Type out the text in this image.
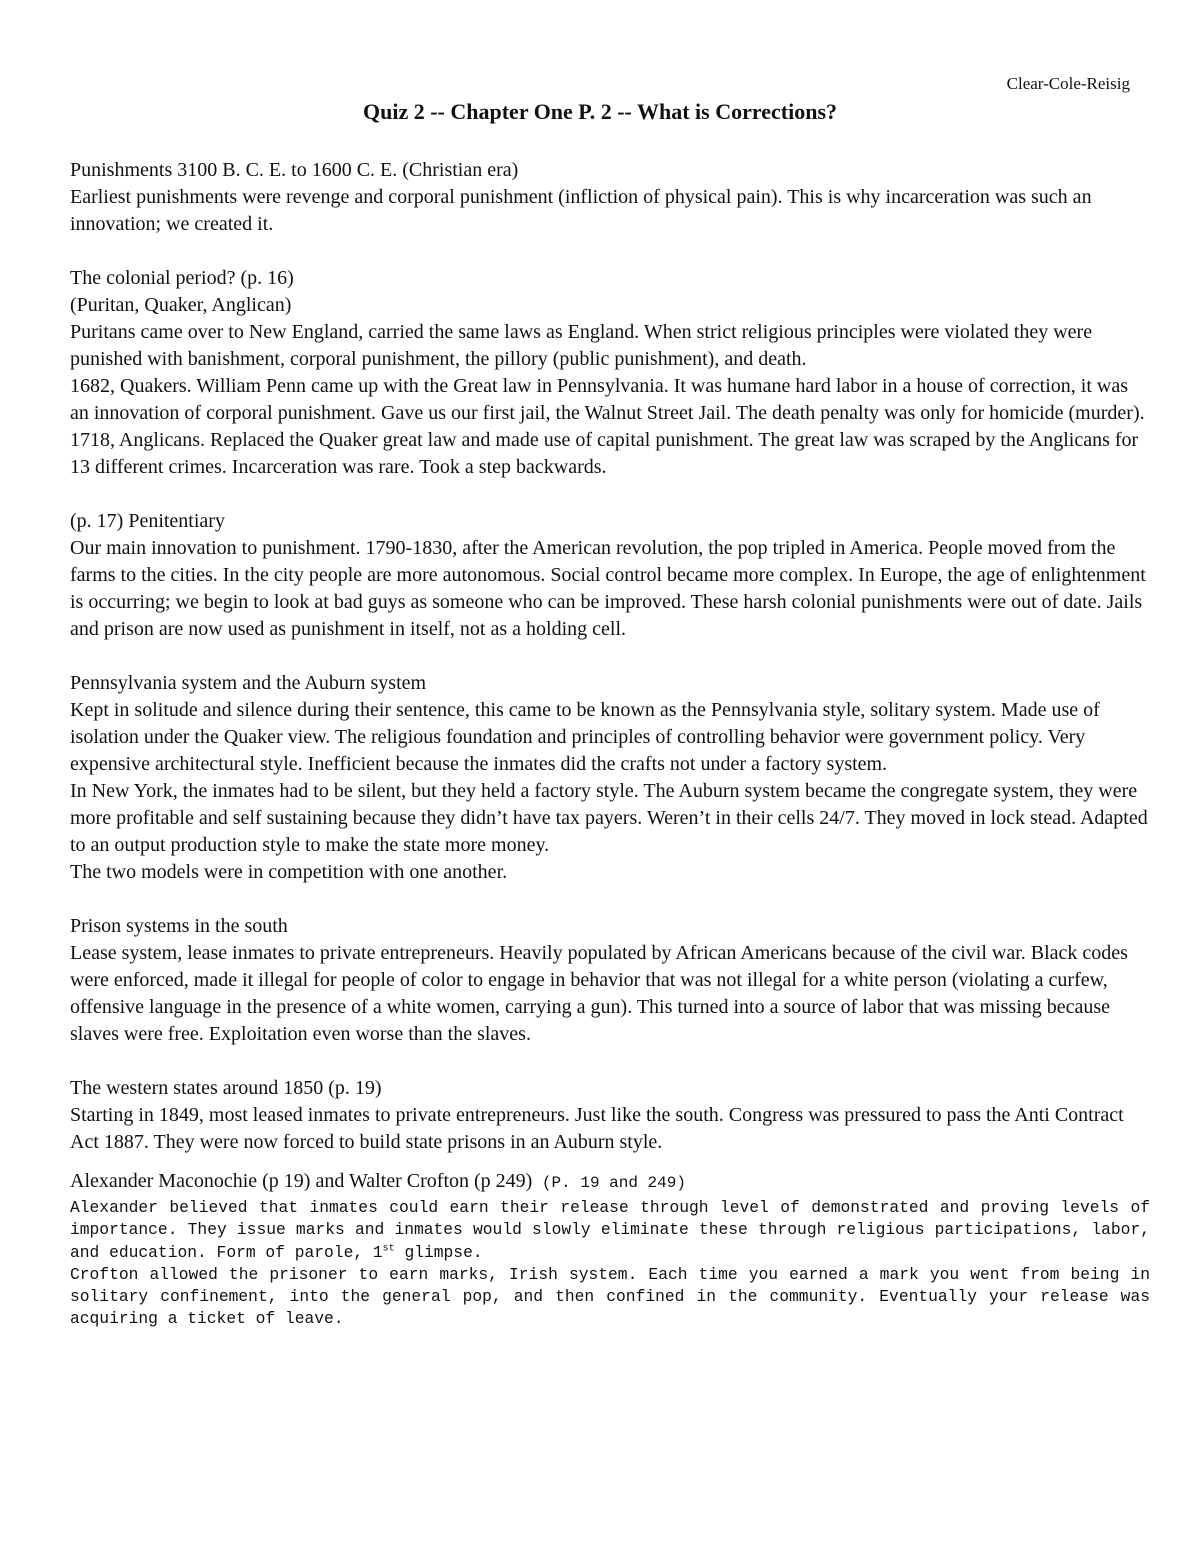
Clear-Cole-Reisig
Quiz 2 -- Chapter One P. 2 -- What is Corrections?

Punishments 3100 B. C. E. to 1600 C. E. (Christian era)

Earliest punishments were revenge and corporal punishment (infliction of physical pain). This is why incarceration was such an innovation; we created it.

The colonial period? (p. 16)

(Puritan, Quaker, Anglican)

Puritans came over to New England, carried the same laws as England. When strict religious principles were violated they were punished with banishment, corporal punishment, the pillory (public punishment), and death.

1682, Quakers. William Penn came up with the Great law in Pennsylvania. It was humane hard labor in a house of correction, it was an innovation of corporal punishment. Gave us our first jail, the Walnut Street Jail. The death penalty was only for homicide (murder).

1718, Anglicans. Replaced the Quaker great law and made use of capital punishment. The great law was scraped by the Anglicans for 13 different crimes. Incarceration was rare. Took a step backwards.

(p. 17) Penitentiary

Our main innovation to punishment. 1790-1830, after the American revolution, the pop tripled in America. People moved from the farms to the cities. In the city people are more autonomous. Social control became more complex. In Europe, the age of enlightenment is occurring; we begin to look at bad guys as someone who can be improved. These harsh colonial punishments were out of date. Jails and prison are now used as punishment in itself, not as a holding cell.

Pennsylvania system and the Auburn system

Kept in solitude and silence during their sentence, this came to be known as the Pennsylvania style, solitary system. Made use of isolation under the Quaker view. The religious foundation and principles of controlling behavior were government policy. Very expensive architectural style. Inefficient because the inmates did the crafts not under a factory system.

In New York, the inmates had to be silent, but they held a factory style. The Auburn system became the congregate system, they were more profitable and self sustaining because they didn’t have tax payers. Weren’t in their cells 24/7. They moved in lock stead. Adapted to an output production style to make the state more money.

The two models were in competition with one another.

Prison systems in the south

Lease system, lease inmates to private entrepreneurs. Heavily populated by African Americans because of the civil war. Black codes were enforced, made it illegal for people of color to engage in behavior that was not illegal for a white person (violating a curfew, offensive language in the presence of a white women, carrying a gun). This turned into a source of labor that was missing because slaves were free. Exploitation even worse than the slaves.

The western states around 1850 (p. 19)

Starting in 1849, most leased inmates to private entrepreneurs. Just like the south. Congress was pressured to pass the Anti Contract Act 1887. They were now forced to build state prisons in an Auburn style.

Alexander Maconochie (p 19) and Walter Crofton (p 249) (P. 19 and 249)

Alexander believed that inmates could earn their release through level of demonstrated and proving levels of importance. They issue marks and inmates would slowly eliminate these through religious participations, labor, and education. Form of parole, 1st glimpse.

Crofton allowed the prisoner to earn marks, Irish system. Each time you earned a mark you went from being in solitary confinement, into the general pop, and then confined in the community. Eventually your release was acquiring a ticket of leave.
